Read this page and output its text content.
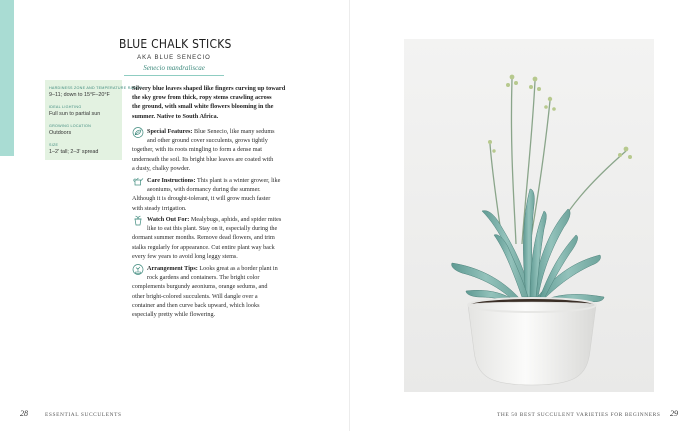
BLUE CHALK STICKS
AKA BLUE SENECIO
Senecio mandraliscae
HARDINESS ZONE AND TEMPERATURE RANGE
9–11; down to 15°F–20°F
IDEAL LIGHTING
Full sun to partial sun
GROWING LOCATION
Outdoors
SIZE
1–2' tall; 2–3' spread
Silvery blue leaves shaped like fingers curving up toward
the sky grow from thick, ropy stems crawling across
the ground, with small white flowers blooming in the
summer. Native to South Africa.
Special Features: Blue Senecio, like many sedums
and other ground cover succulents, grows tightly
together, with its roots mingling to form a dense mat
underneath the soil. Its bright blue leaves are coated with
a dusty, chalky powder.
Care Instructions: This plant is a winter grower, like
aeoniums, with dormancy during the summer.
Although it is drought-tolerant, it will grow much faster
with steady irrigation.
Watch Out For: Mealybugs, aphids, and spider mites
like to eat this plant. Stay on it, especially during the
dormant summer months. Remove dead flowers, and trim
stalks regularly for appearance. Cut entire plant way back
every few years to avoid long leggy stems.
Arrangement Tips: Looks great as a border plant in
rock gardens and containers. The bright color
complements burgundy aeoniums, orange sedums, and
other bright-colored succulents. Will dangle over a
container and then curve back upward, which looks
especially pretty while flowering.
28	ESSENTIAL SUCCULENTS	THE 50 BEST SUCCULENT VARIETIES FOR BEGINNERS 29
